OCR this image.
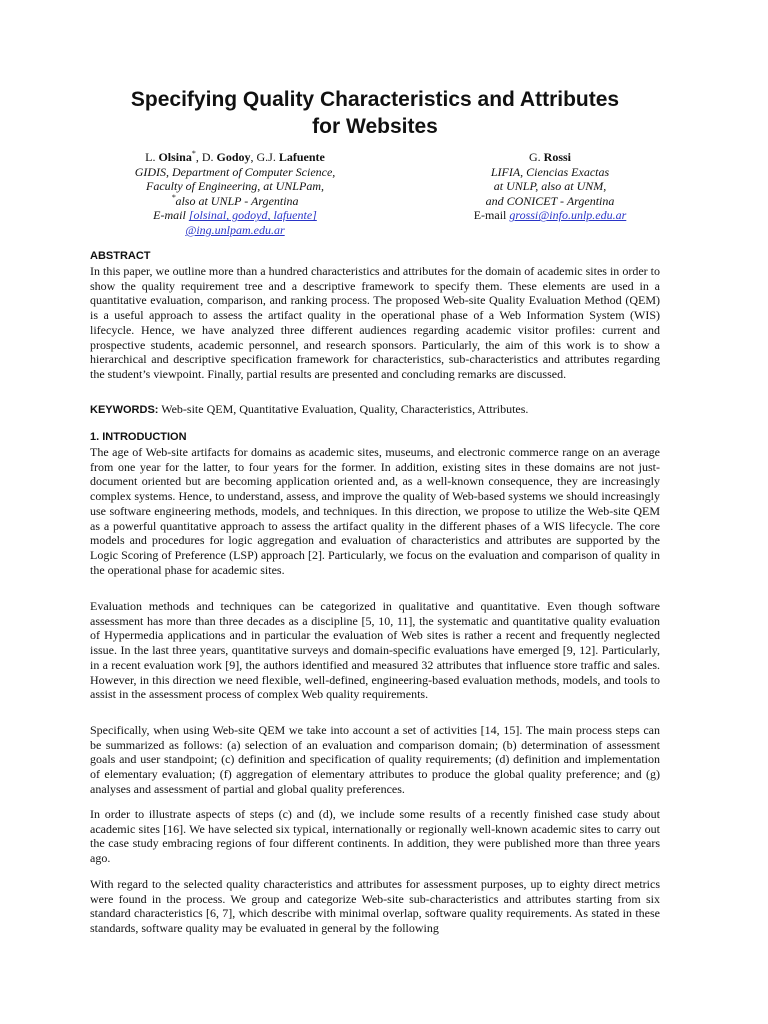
Specifying Quality Characteristics and Attributes
for Websites
L. Olsina*, D. Godoy, G.J. Lafuente
GIDIS, Department of Computer Science,
Faculty of Engineering, at UNLPam,
*also at UNLP - Argentina
E-mail [olsinal, godoyd, lafuente]
@ing.unlpam.edu.ar
G. Rossi
LIFIA, Ciencias Exactas
at UNLP, also at UNM,
and CONICET - Argentina
E-mail grossi@info.unlp.edu.ar
ABSTRACT

In this paper, we outline more than a hundred characteristics and attributes for the domain of academic sites in order to show the quality requirement tree and a descriptive framework to specify them. These elements are used in a quantitative evaluation, comparison, and ranking process. The proposed Web-site Quality Evaluation Method (QEM) is a useful approach to assess the artifact quality in the operational phase of a Web Information System (WIS) lifecycle. Hence, we have analyzed three different audiences regarding academic visitor profiles: current and prospective students, academic personnel, and research sponsors. Particularly, the aim of this work is to show a hierarchical and descriptive specification framework for characteristics, sub-characteristics and attributes regarding the student’s viewpoint. Finally, partial results are presented and concluding remarks are discussed.

KEYWORDS: Web-site QEM, Quantitative Evaluation, Quality, Characteristics, Attributes.

1. INTRODUCTION

The age of Web-site artifacts for domains as academic sites, museums, and electronic commerce range on an average from one year for the latter, to four years for the former. In addition, existing sites in these domains are not just-document oriented but are becoming application oriented and, as a well-known consequence, they are increasingly complex systems. Hence, to understand, assess, and improve the quality of Web-based systems we should increasingly use software engineering methods, models, and techniques. In this direction, we propose to utilize the Web-site QEM as a powerful quantitative approach to assess the artifact quality in the different phases of a WIS lifecycle. The core models and procedures for logic aggregation and evaluation of characteristics and attributes are supported by the Logic Scoring of Preference (LSP) approach [2]. Particularly, we focus on the evaluation and comparison of quality in the operational phase for academic sites.

Evaluation methods and techniques can be categorized in qualitative and quantitative. Even though software assessment has more than three decades as a discipline [5, 10, 11], the systematic and quantitative quality evaluation of Hypermedia applications and in particular the evaluation of Web sites is rather a recent and frequently neglected issue. In the last three years, quantitative surveys and domain-specific evaluations have emerged [9, 12]. Particularly, in a recent evaluation work [9], the authors identified and measured 32 attributes that influence store traffic and sales. However, in this direction we need flexible, well-defined, engineering-based evaluation methods, models, and tools to assist in the assessment process of complex Web quality requirements.

Specifically, when using Web-site QEM we take into account a set of activities [14, 15]. The main process steps can be summarized as follows: (a) selection of an evaluation and comparison domain; (b) determination of assessment goals and user standpoint; (c) definition and specification of quality requirements; (d) definition and implementation of elementary evaluation; (f) aggregation of elementary attributes to produce the global quality preference; and (g) analyses and assessment of partial and global quality preferences.

In order to illustrate aspects of steps (c) and (d), we include some results of a recently finished case study about academic sites [16]. We have selected six typical, internationally or regionally well-known academic sites to carry out the case study embracing regions of four different continents. In addition, they were published more than three years ago.

With regard to the selected quality characteristics and attributes for assessment purposes, up to eighty direct metrics were found in the process. We group and categorize Web-site sub-characteristics and attributes starting from six standard characteristics [6, 7], which describe with minimal overlap, software quality requirements. As stated in these standards, software quality may be evaluated in general by the following
